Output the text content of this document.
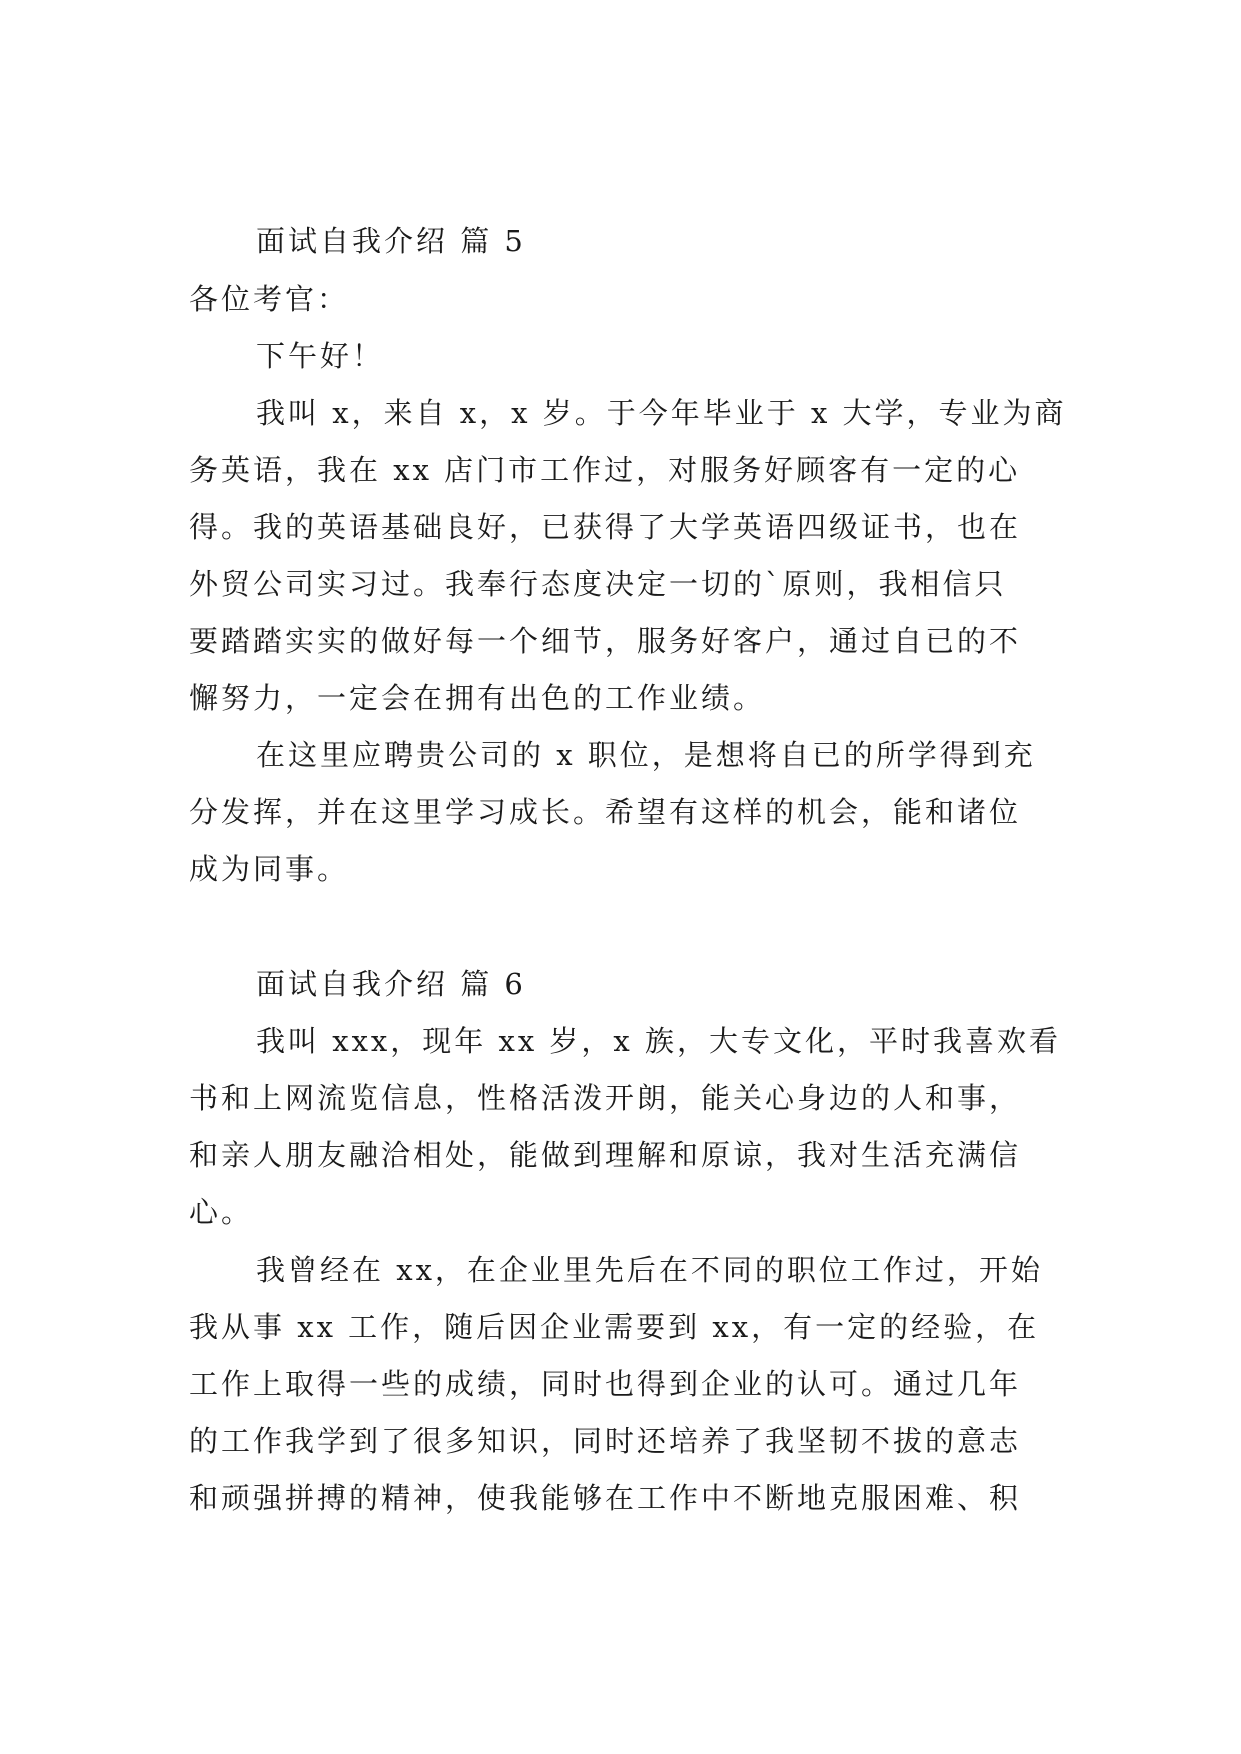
面试自我介绍 篇 5
各位考官：
下午好！
我叫 x，来自 x，x 岁。于今年毕业于 x 大学，专业为商
务英语，我在 xx 店门市工作过，对服务好顾客有一定的心
得。我的英语基础良好，已获得了大学英语四级证书，也在
外贸公司实习过。我奉行态度决定一切的`原则，我相信只
要踏踏实实的做好每一个细节，服务好客户，通过自已的不
懈努力，一定会在拥有出色的工作业绩。
在这里应聘贵公司的 x 职位，是想将自已的所学得到充
分发挥，并在这里学习成长。希望有这样的机会，能和诸位
成为同事。
面试自我介绍 篇 6
我叫 xxx，现年 xx 岁，x 族，大专文化，平时我喜欢看
书和上网流览信息，性格活泼开朗，能关心身边的人和事，
和亲人朋友融洽相处，能做到理解和原谅，我对生活充满信
心。
我曾经在 xx，在企业里先后在不同的职位工作过，开始
我从事 xx 工作，随后因企业需要到 xx，有一定的经验，在
工作上取得一些的成绩，同时也得到企业的认可。通过几年
的工作我学到了很多知识，同时还培养了我坚韧不拔的意志
和顽强拼搏的精神，使我能够在工作中不断地克服困难、积
